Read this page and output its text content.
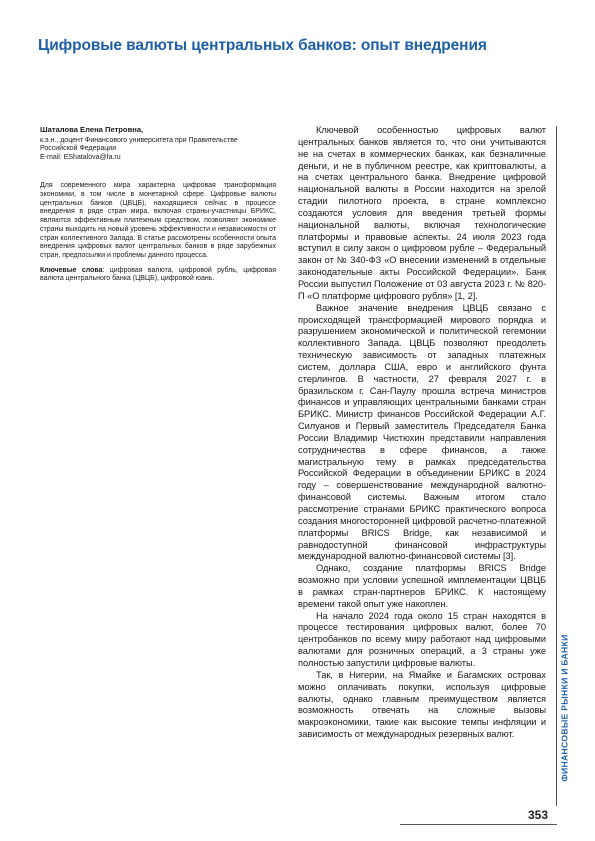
Цифровые валюты центральных банков: опыт внедрения
Шаталова Елена Петровна,
к.э.н., доцент Финансового университета при Правительстве
Российской Федерации
E-mail: EShatalova@fa.ru

Для современного мира характерна цифровая трансформация экономики, в том числе в монетарной сфере. Цифровые валюты центральных банков (ЦВЦБ), находящиеся сейчас в процессе внедрения в ряде стран мира, включая страны-участницы БРИКС, являются эффективным платежным средством, позволяют экономике страны выходить на новый уровень эффективности и независимости от стран коллективного Запада. В статье рассмотрены особенности опыта внедрения цифровых валют центральных банков в ряде зарубежных стран, предпосылки и проблемы данного процесса.

Ключевые слова: цифровая валюта, цифровой рубль, цифровая валюта центрального банка (ЦВЦБ), цифровой юань.

Ключевой особенностью цифровых валют центральных банков является то, что они учитываются не на счетах в коммерческих банках, как безналичные деньги, и не в публичном реестре, как криптовалюты, а на счетах центрального банка. Внедрение цифровой национальной валюты в России находится на зрелой стадии пилотного проекта, в стране комплексно создаются условия для введения третьей формы национальной валюты, включая технологические платформы и правовые аспекты. 24 июля 2023 года вступил в силу закон о цифровом рубле – Федеральный закон от № 340-ФЗ «О внесении изменений в отдельные законодательные акты Российской Федерации». Банк России выпустил Положение от 03 августа 2023 г. № 820-П «О платформе цифрового рубля» [1, 2].

Важное значение внедрения ЦВЦБ связано с происходящей трансформацией мирового порядка и разрушением экономической и политической гегемонии коллективного Запада. ЦВЦБ позволяют преодолеть техническую зависимость от западных платежных систем, доллара США, евро и английского фунта стерлингов. В частности, 27 февраля 2027 г. в бразильском г. Сан-Паулу прошла встреча министров финансов и управляющих центральными банками стран БРИКС. Министр финансов Российской Федерации А.Г. Силуанов и Первый заместитель Председателя Банка России Владимир Чистюхин представили направления сотрудничества в сфере финансов, а также магистральную тему в рамках председательства Российской Федерации в объединении БРИКС в 2024 году – совершенствование международной валютно-финансовой системы. Важным итогом стало рассмотрение странами БРИКС практического вопроса создания многосторонней цифровой расчетно-платежной платформы BRICS Bridge, как независимой и равнодоступной финансовой инфраструктуры международной валютно-финансовой системы [3].

Однако, создание платформы BRICS Bridge возможно при условии успешной имплементации ЦВЦБ в рамках стран-партнеров БРИКС. К настоящему времени такой опыт уже накоплен.

На начало 2024 года около 15 стран находятся в процессе тестирования цифровых валют, более 70 центробанков по всему миру работают над цифровыми валютами для розничных операций, а 3 страны уже полностью запустили цифровые валюты.

Так, в Нигерии, на Ямайке и Багамских островах можно оплачивать покупки, используя цифровые валюты, однако главным преимуществом является возможность отвечать на сложные вызовы макроэкономики, такие как высокие темпы инфляции и зависимость от международных резервных валют.	ФИНАНСОВЫЕ РЫНКИ И БАНКИ
353
